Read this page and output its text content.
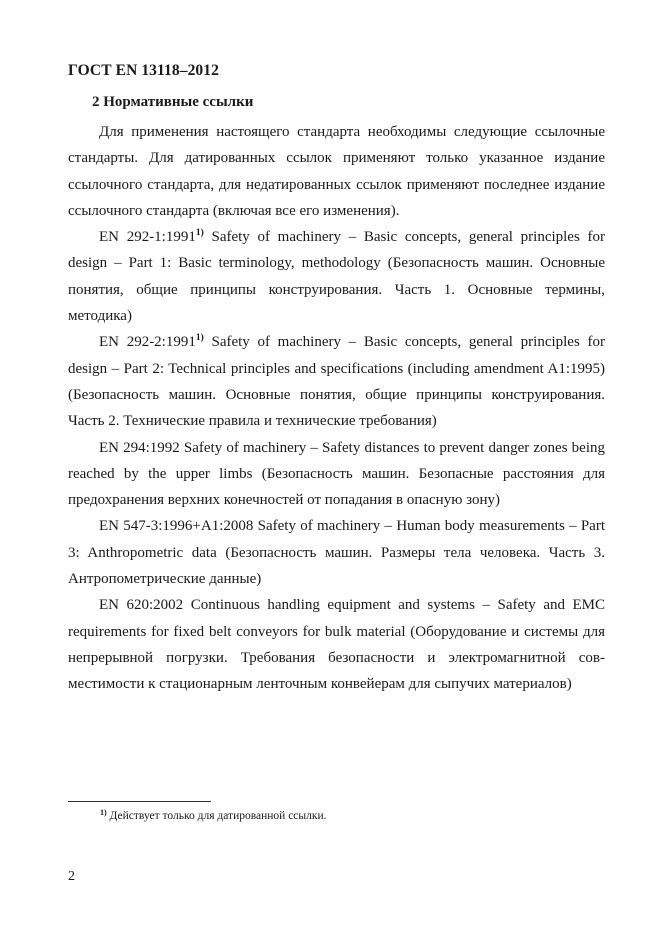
ГОСТ EN 13118–2012
2 Нормативные ссылки

Для применения настоящего стандарта необходимы следующие ссылочные стандарты. Для датированных ссылок применяют только указанное издание ссылочного стандарта, для недатированных ссылок применяют последнее издание ссылочного стандарта (включая все его изменения).

EN 292-1:1991$^{1)}$ Safety of machinery – Basic concepts, general principles for design – Part 1: Basic terminology, methodology (Безопасность машин. Основные понятия, общие принципы конструирования. Часть 1. Основные термины, методика)

EN 292-2:1991$^{1)}$ Safety of machinery – Basic concepts, general principles for design – Part 2: Technical principles and specifications (including amendment A1:1995) (Безопасность машин. Основные понятия, общие принципы конструирования. Часть 2. Технические правила и технические требования)

EN 294:1992 Safety of machinery – Safety distances to prevent danger zones being reached by the upper limbs (Безопасность машин. Безопасные расстояния для предохранения верхних конечностей от попадания в опасную зону)

EN 547-3:1996+A1:2008 Safety of machinery – Human body measurements – Part 3: Anthropometric data (Безопасность машин. Размеры тела человека. Часть 3. Антропометрические данные)

EN 620:2002 Continuous handling equipment and systems – Safety and EMC requirements for fixed belt conveyors for bulk material (Оборудование и системы для непрерывной погрузки. Требования безопасности и электромагнитной совместимости к стационарным ленточным конвейерам для сыпучих материалов)

$^{1)}$ Действует только для датированной ссылки.
2
